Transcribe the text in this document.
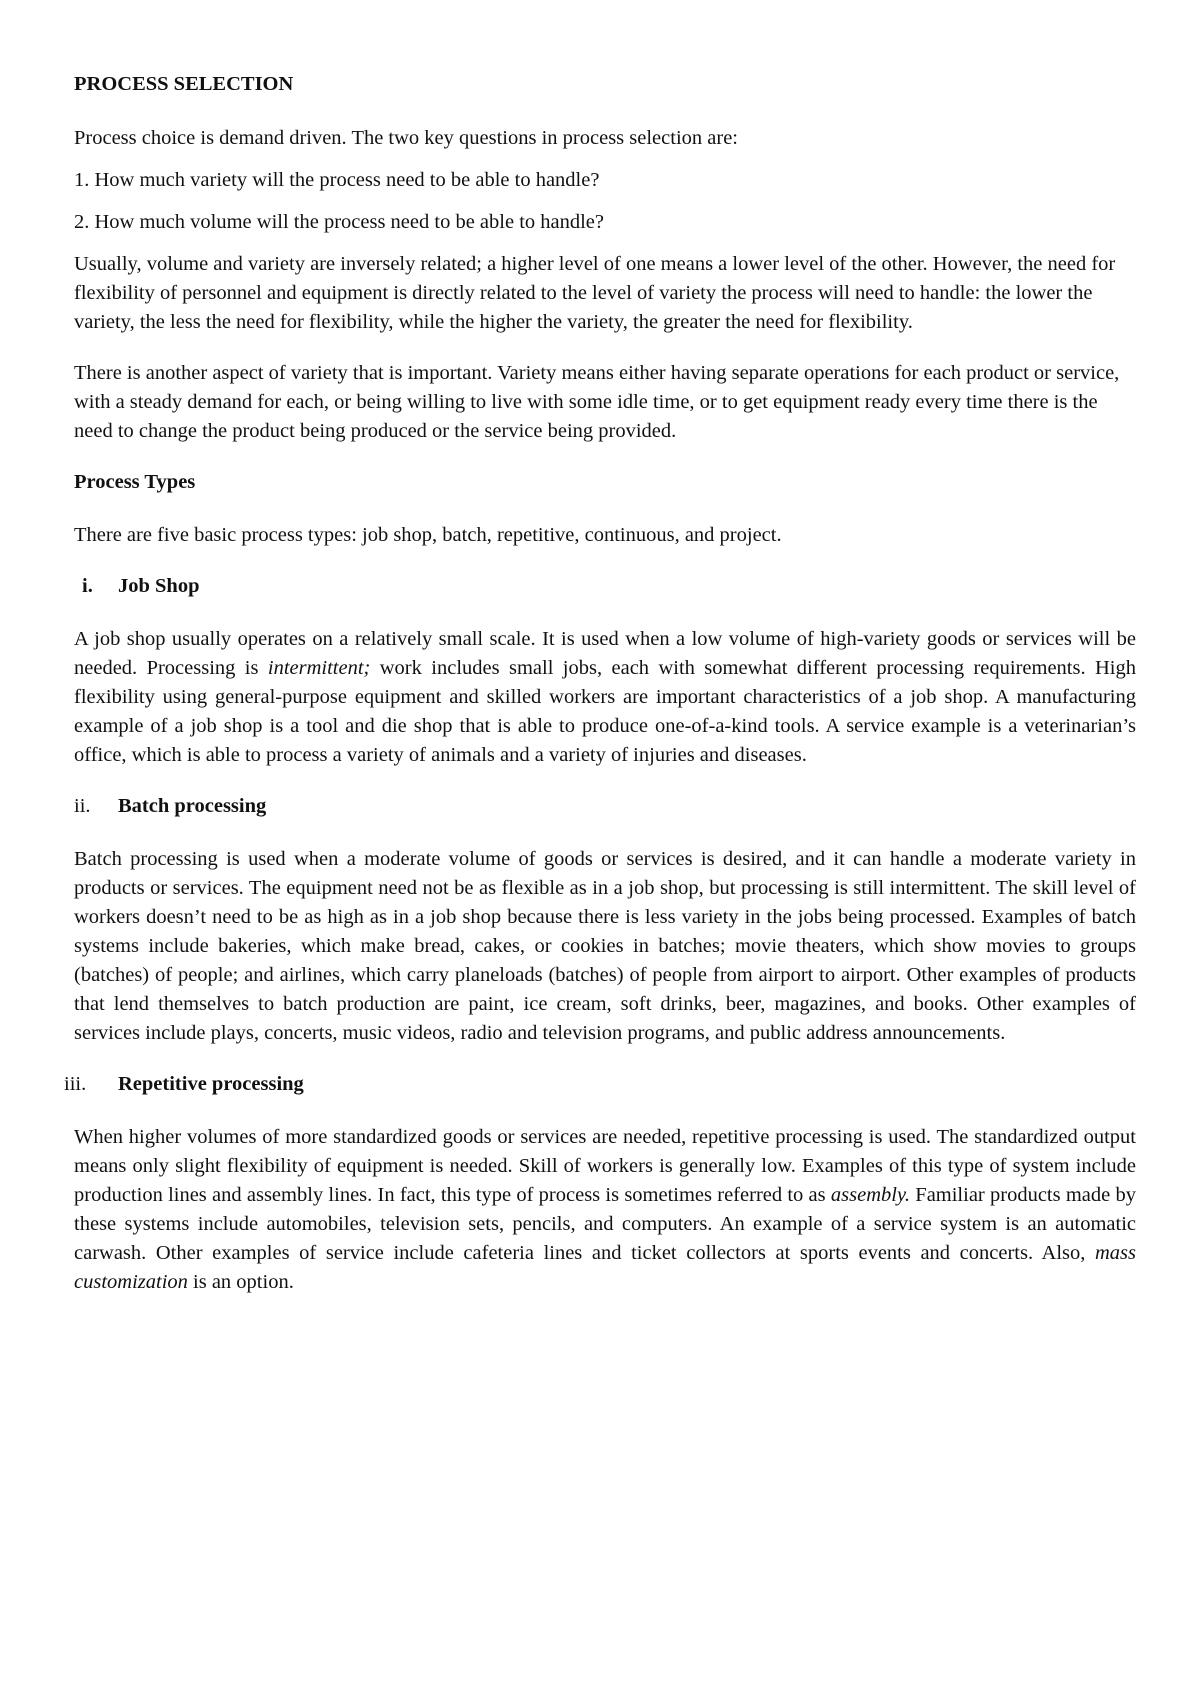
PROCESS SELECTION
Process choice is demand driven. The two key questions in process selection are:
1. How much variety will the process need to be able to handle?
2. How much volume will the process need to be able to handle?
Usually, volume and variety are inversely related; a higher level of one means a lower level of the other. However, the need for flexibility of personnel and equipment is directly related to the level of variety the process will need to handle: the lower the variety, the less the need for flexibility, while the higher the variety, the greater the need for flexibility.
There is another aspect of variety that is important. Variety means either having separate operations for each product or service, with a steady demand for each, or being willing to live with some idle time, or to get equipment ready every time there is the need to change the product being produced or the service being provided.
Process Types
There are five basic process types: job shop, batch, repetitive, continuous, and project.
i.	Job Shop
A job shop usually operates on a relatively small scale. It is used when a low volume of high-variety goods or services will be needed. Processing is intermittent; work includes small jobs, each with somewhat different processing requirements. High flexibility using general-purpose equipment and skilled workers are important characteristics of a job shop. A manufacturing example of a job shop is a tool and die shop that is able to produce one-of-a-kind tools. A service example is a veterinarian’s office, which is able to process a variety of animals and a variety of injuries and diseases.
ii.	Batch processing
Batch processing is used when a moderate volume of goods or services is desired, and it can handle a moderate variety in products or services. The equipment need not be as flexible as in a job shop, but processing is still intermittent. The skill level of workers doesn’t need to be as high as in a job shop because there is less variety in the jobs being processed. Examples of batch systems include bakeries, which make bread, cakes, or cookies in batches; movie theaters, which show movies to groups (batches) of people; and airlines, which carry planeloads (batches) of people from airport to airport. Other examples of products that lend themselves to batch production are paint, ice cream, soft drinks, beer, magazines, and books. Other examples of services include plays, concerts, music videos, radio and television programs, and public address announcements.
iii.	Repetitive processing
When higher volumes of more standardized goods or services are needed, repetitive processing is used. The standardized output means only slight flexibility of equipment is needed. Skill of workers is generally low. Examples of this type of system include production lines and assembly lines. In fact, this type of process is sometimes referred to as assembly. Familiar products made by these systems include automobiles, television sets, pencils, and computers. An example of a service system is an automatic carwash. Other examples of service include cafeteria lines and ticket collectors at sports events and concerts. Also, mass customization is an option.
